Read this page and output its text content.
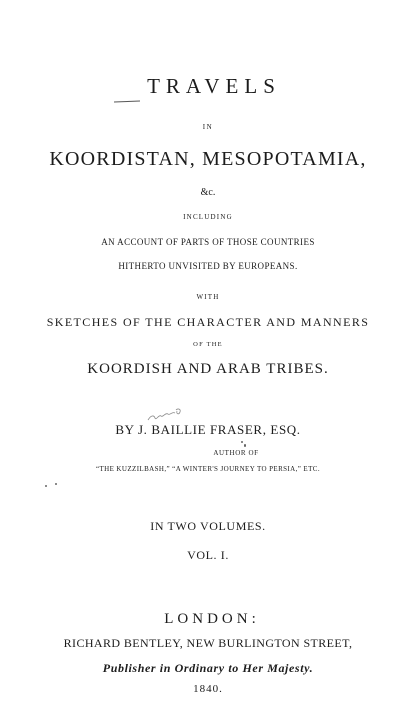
TRAVELS
IN
KOORDISTAN, MESOPOTAMIA,
&c.
INCLUDING
AN ACCOUNT OF PARTS OF THOSE COUNTRIES
HITHERTO UNVISITED BY EUROPEANS.
WITH
SKETCHES OF THE CHARACTER AND MANNERS
OF THE
KOORDISH AND ARAB TRIBES.
BY J. BAILLIE FRASER, ESQ.
AUTHOR OF
“THE KUZZILBASH,” “A WINTER'S JOURNEY TO PERSIA,” ETC.
IN TWO VOLUMES.
VOL. I.
LONDON:
RICHARD BENTLEY, NEW BURLINGTON STREET,
Publisher in Ordinary to Her Majesty.
1840.
